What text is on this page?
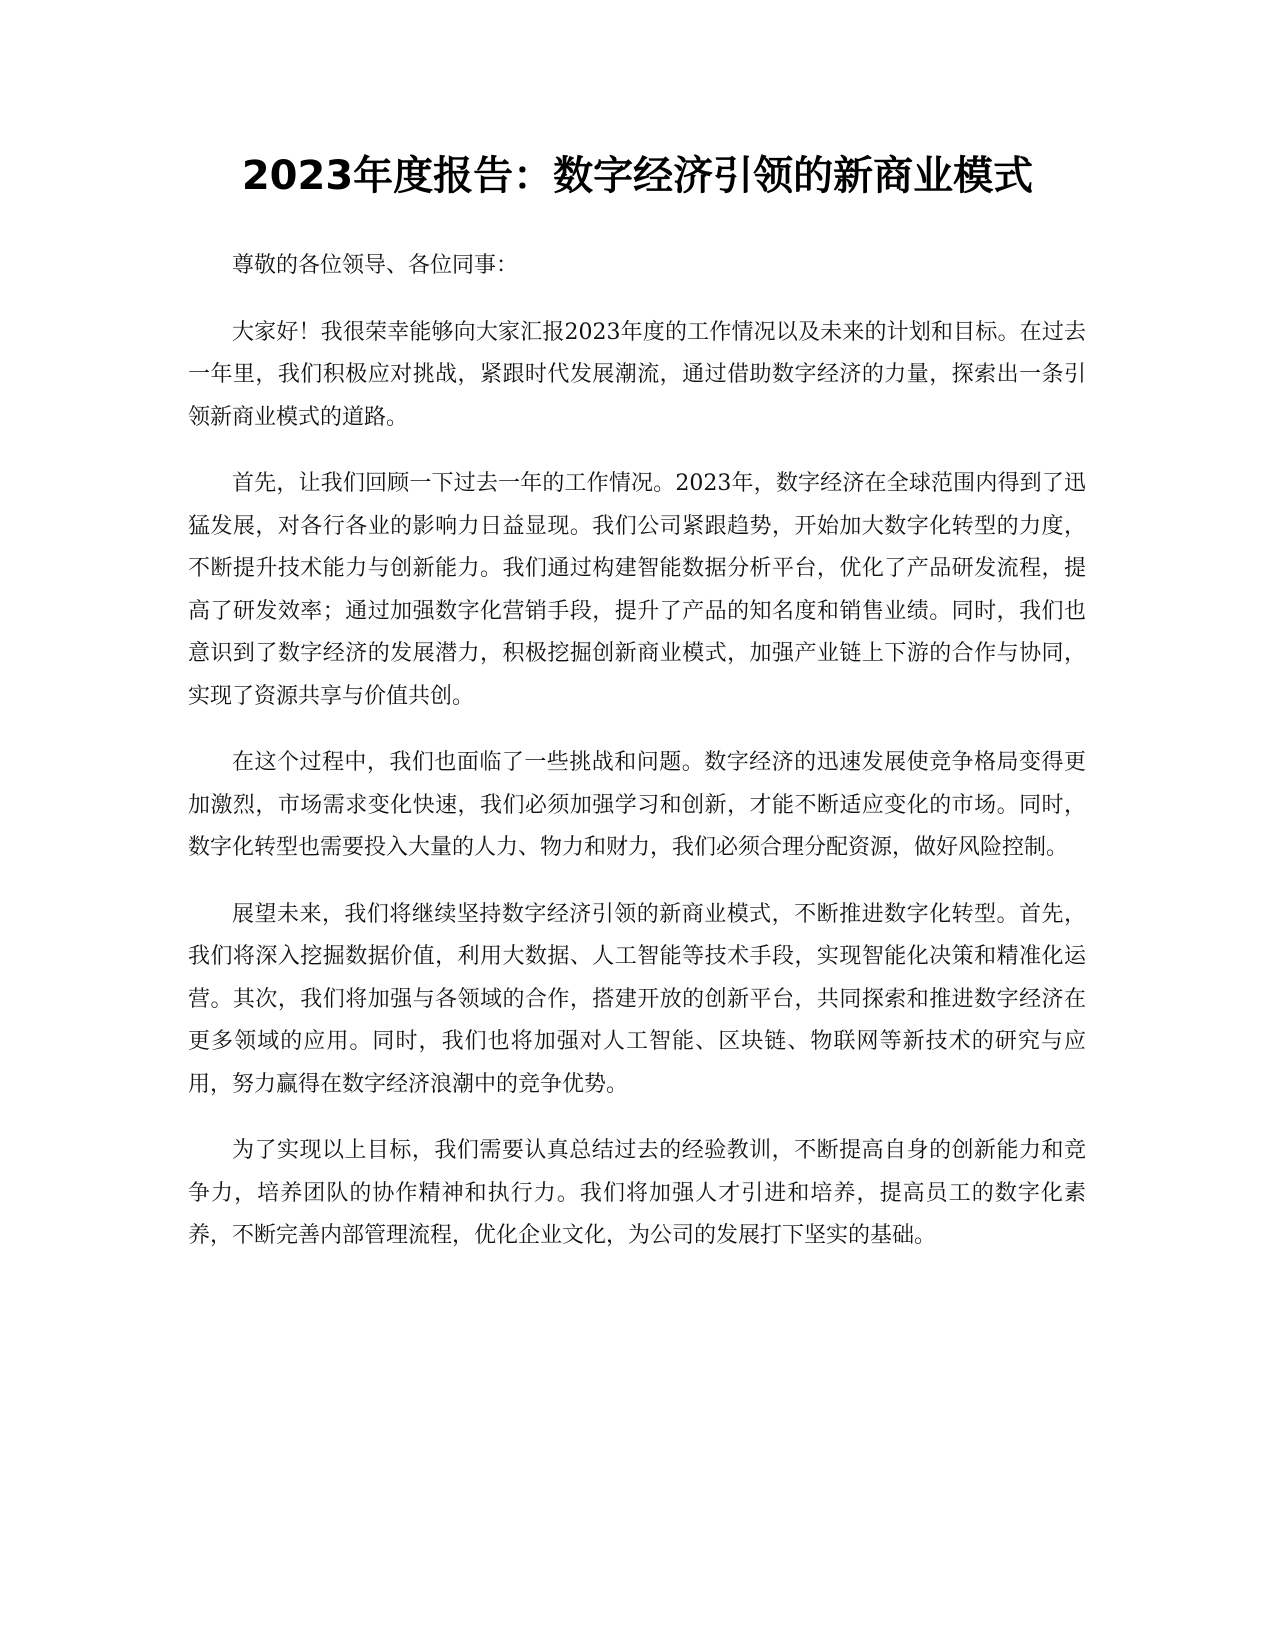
2023年度报告：数字经济引领的新商业模式

尊敬的各位领导、各位同事：

大家好！我很荣幸能够向大家汇报2023年度的工作情况以及未来的计划和目标。在过去一年里，我们积极应对挑战，紧跟时代发展潮流，通过借助数字经济的力量，探索出一条引领新商业模式的道路。

首先，让我们回顾一下过去一年的工作情况。2023年，数字经济在全球范围内得到了迅猛发展，对各行各业的影响力日益显现。我们公司紧跟趋势，开始加大数字化转型的力度，不断提升技术能力与创新能力。我们通过构建智能数据分析平台，优化了产品研发流程，提高了研发效率；通过加强数字化营销手段，提升了产品的知名度和销售业绩。同时，我们也意识到了数字经济的发展潜力，积极挖掘创新商业模式，加强产业链上下游的合作与协同，实现了资源共享与价值共创。

在这个过程中，我们也面临了一些挑战和问题。数字经济的迅速发展使竞争格局变得更加激烈，市场需求变化快速，我们必须加强学习和创新，才能不断适应变化的市场。同时，数字化转型也需要投入大量的人力、物力和财力，我们必须合理分配资源，做好风险控制。

展望未来，我们将继续坚持数字经济引领的新商业模式，不断推进数字化转型。首先，我们将深入挖掘数据价值，利用大数据、人工智能等技术手段，实现智能化决策和精准化运营。其次，我们将加强与各领域的合作，搭建开放的创新平台，共同探索和推进数字经济在更多领域的应用。同时，我们也将加强对人工智能、区块链、物联网等新技术的研究与应用，努力赢得在数字经济浪潮中的竞争优势。

为了实现以上目标，我们需要认真总结过去的经验教训，不断提高自身的创新能力和竞争力，培养团队的协作精神和执行力。我们将加强人才引进和培养，提高员工的数字化素养，不断完善内部管理流程，优化企业文化，为公司的发展打下坚实的基础。
